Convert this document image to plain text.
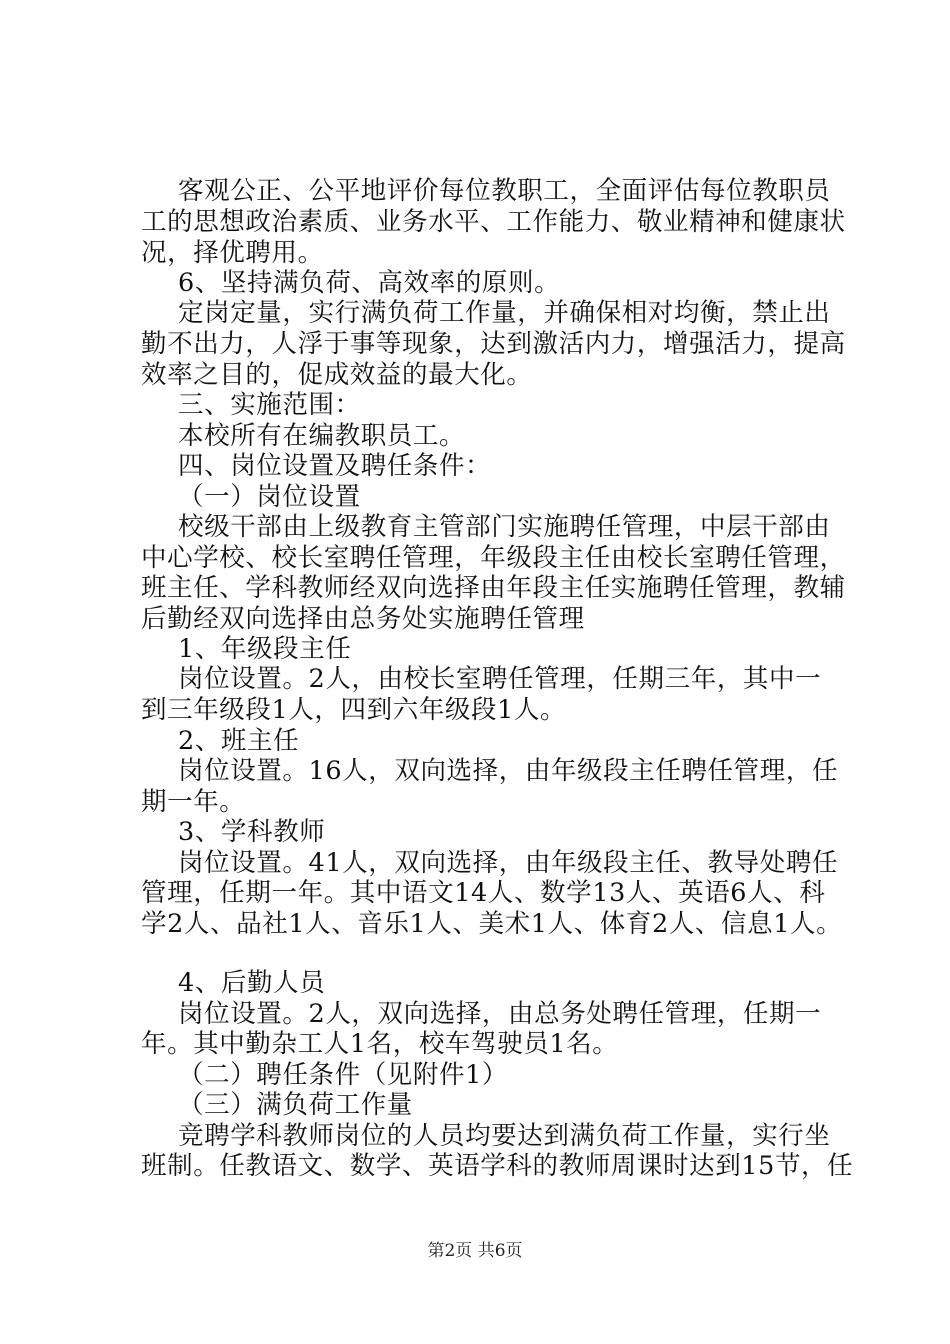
客观公正、公平地评价每位教职工，全面评估每位教职员
工的思想政治素质、业务水平、工作能力、敬业精神和健康状
况，择优聘用。
6、坚持满负荷、高效率的原则。
定岗定量，实行满负荷工作量，并确保相对均衡，禁止出
勤不出力，人浮于事等现象，达到激活内力，增强活力，提高
效率之目的，促成效益的最大化。
三、实施范围：
本校所有在编教职员工。
四、岗位设置及聘任条件：
（一）岗位设置
校级干部由上级教育主管部门实施聘任管理，中层干部由
中心学校、校长室聘任管理，年级段主任由校长室聘任管理，
班主任、学科教师经双向选择由年段主任实施聘任管理，教辅
后勤经双向选择由总务处实施聘任管理
1、年级段主任
岗位设置。2人，由校长室聘任管理，任期三年，其中一
到三年级段1人，四到六年级段1人。
2、班主任
岗位设置。16人，双向选择，由年级段主任聘任管理，任
期一年。
3、学科教师
岗位设置。41人，双向选择，由年级段主任、教导处聘任
管理，任期一年。其中语文14人、数学13人、英语6人、科
学2人、品社1人、音乐1人、美术1人、体育2人、信息1人。
4、后勤人员
岗位设置。2人，双向选择，由总务处聘任管理，任期一
年。其中勤杂工人1名，校车驾驶员1名。
（二）聘任条件（见附件1）
（三）满负荷工作量
竞聘学科教师岗位的人员均要达到满负荷工作量，实行坐
班制。任教语文、数学、英语学科的教师周课时达到15节，任
第2页 共6页
